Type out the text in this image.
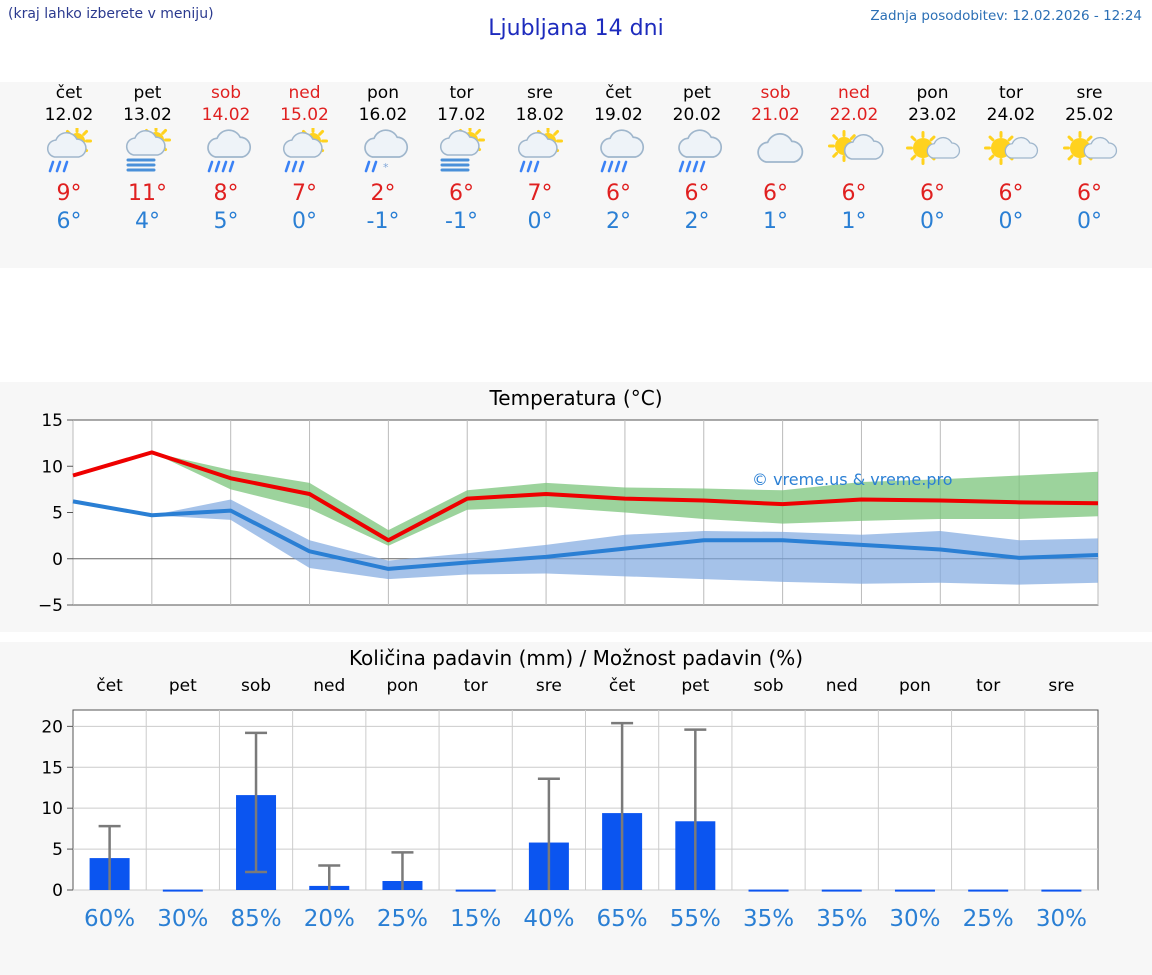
(kraj lahko izberete v meniju)
Ljubljana 14 dni	Zadnja posodobitev: 12.02.2026 - 12:24
čet
12.02
9°
6°
pet
13.02
11°
4°
sob
14.02
8°
5°
ned
15.02
7°
0°
pon
16.02
*
2°
-1°
tor
17.02
6°
-1°
sre
18.02
7°
0°
čet
19.02
6°
2°
pet
20.02
6°
2°
sob
21.02
6°
1°
ned
22.02
6°
1°
pon
23.02
6°
0°
tor
24.02
6°
0°
sre
25.02
6°
0°
Temperatura (°C)
−5
0
5
10
15
© vreme.us & vreme.pro
Količina padavin (mm) / Možnost padavin (%)
0
5
10
15
20
čet
60%
pet
30%
sob
85%
ned
20%
pon
25%
tor
15%
sre
40%
čet
65%
pet
55%
sob
35%
ned
35%
pon
30%
tor
25%
sre
30%
